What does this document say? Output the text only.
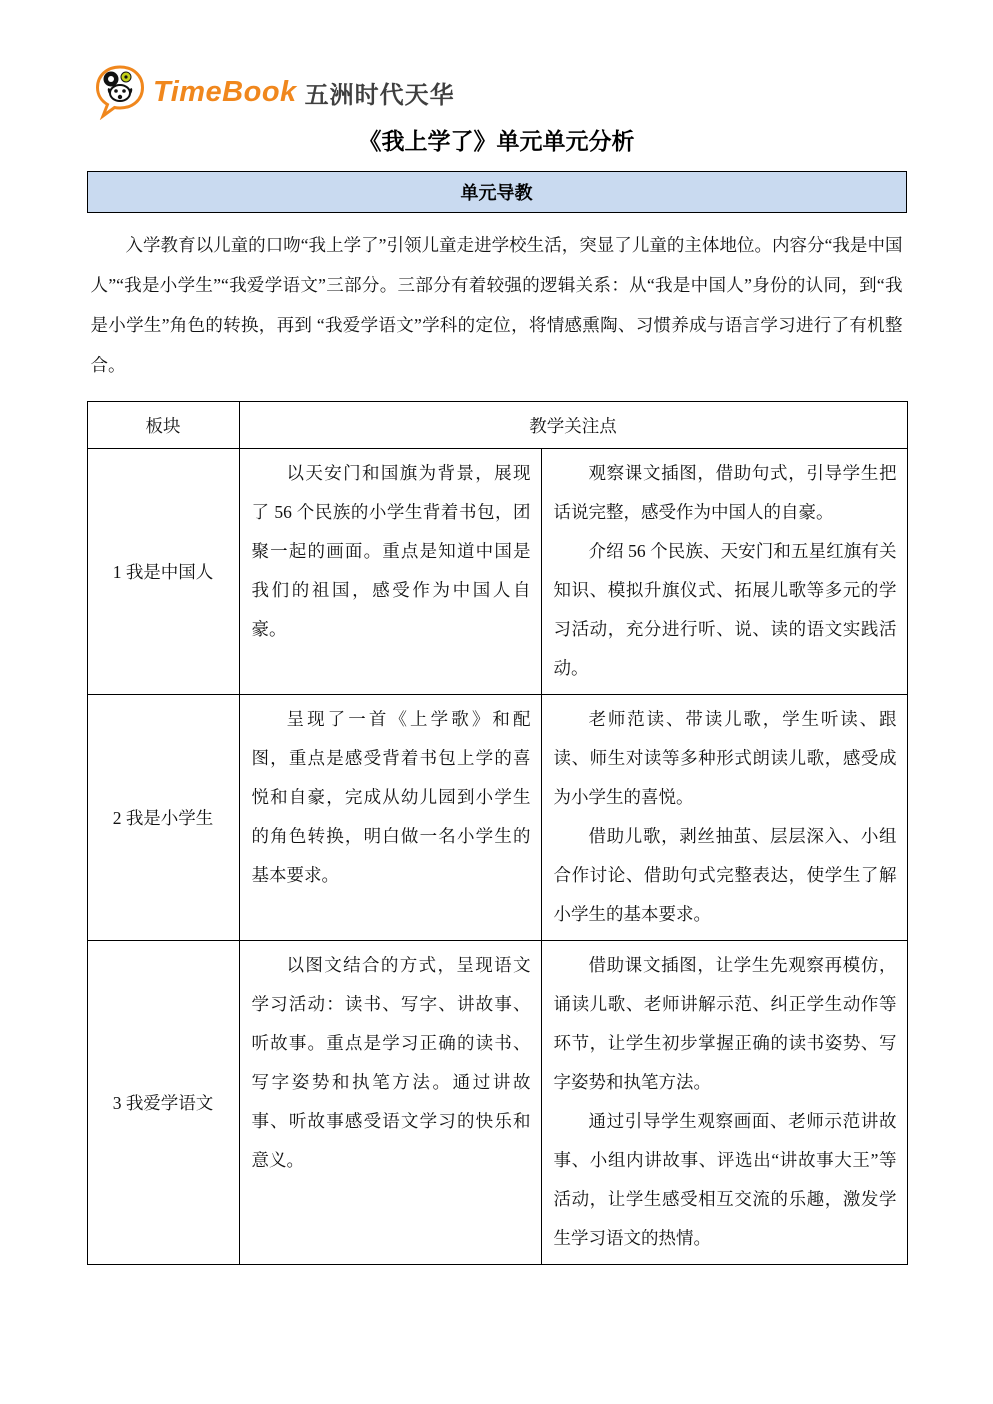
TimeBook 五洲时代天华
《我上学了》单元单元分析
单元导教

入学教育以儿童的口吻“我上学了”引领儿童走进学校生活，突显了儿童的主体地位。内容分“我是中国人”“我是小学生”“我爱学语文”三部分。三部分有着较强的逻辑关系：从“我是中国人”身份的认同，到“我是小学生”角色的转换，再到 “我爱学语文”学科的定位，将情感熏陶、习惯养成与语言学习进行了有机整合。

板块	教学关注点	
1 我是中国人	以天安门和国旗为背景，展现了 56 个民族的小学生背着书包，团聚一起的画面。重点是知道中国是我们的祖国，感受作为中国人自豪。	观察课文插图，借助句式，引导学生把话说完整，感受作为中国人的自豪。

介绍 56 个民族、天安门和五星红旗有关知识、模拟升旗仪式、拓展儿歌等多元的学习活动，充分进行听、说、读的语文实践活动。

2 我是小学生	呈现了一首《上学歌》和配图，重点是感受背着书包上学的喜悦和自豪，完成从幼儿园到小学生的角色转换，明白做一名小学生的基本要求。	老师范读、带读儿歌，学生听读、跟读、师生对读等多种形式朗读儿歌，感受成为小学生的喜悦。

借助儿歌，剥丝抽茧、层层深入、小组合作讨论、借助句式完整表达，使学生了解小学生的基本要求。

3 我爱学语文	以图文结合的方式，呈现语文学习活动：读书、写字、讲故事、听故事。重点是学习正确的读书、写字姿势和执笔方法。通过讲故事、听故事感受语文学习的快乐和意义。	借助课文插图，让学生先观察再模仿，诵读儿歌、老师讲解示范、纠正学生动作等环节，让学生初步掌握正确的读书姿势、写字姿势和执笔方法。

通过引导学生观察画面、老师示范讲故事、小组内讲故事、评选出“讲故事大王”等活动，让学生感受相互交流的乐趣，激发学生学习语文的热情。
